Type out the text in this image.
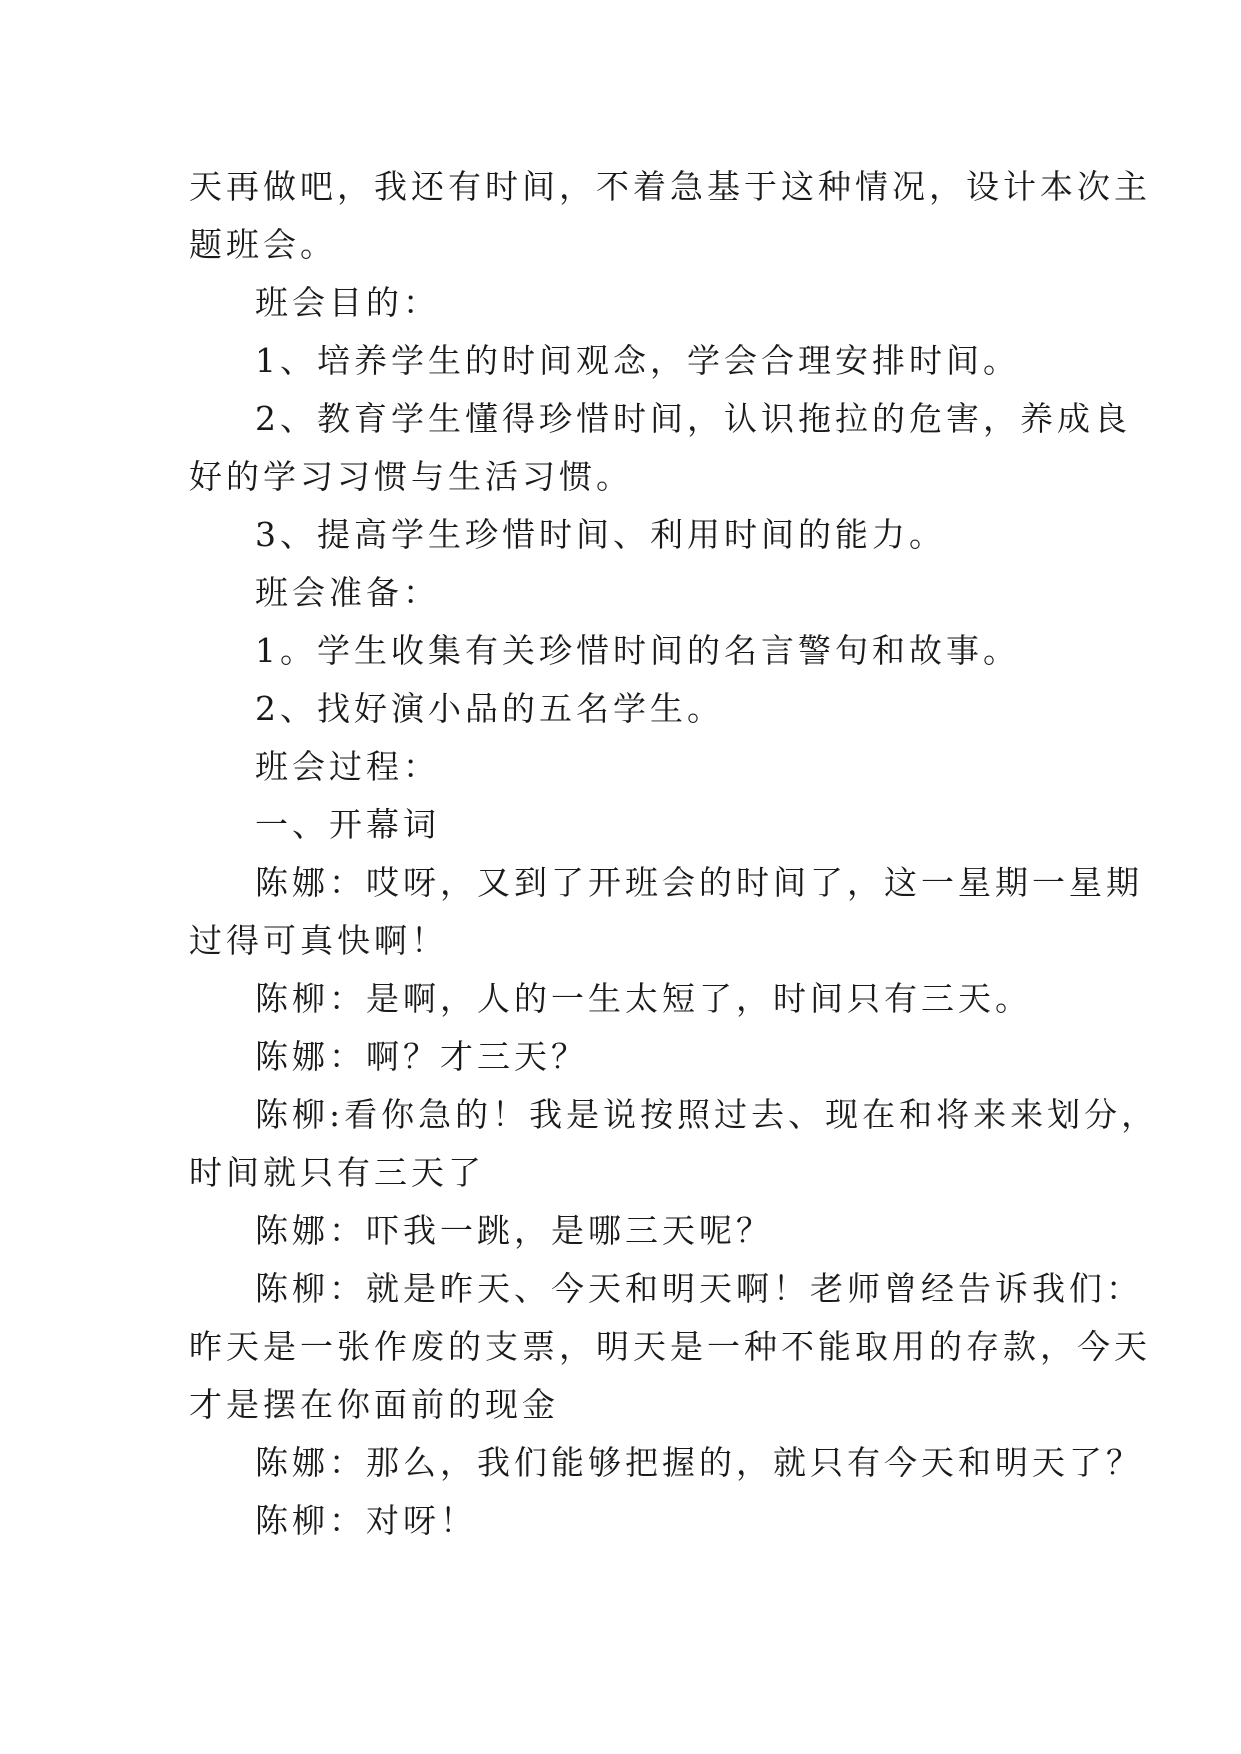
天再做吧，我还有时间，不着急基于这种情况，设计本次主

题班会。

班会目的：

1、培养学生的时间观念，学会合理安排时间。

2、教育学生懂得珍惜时间，认识拖拉的危害，养成良

好的学习习惯与生活习惯。

3、提高学生珍惜时间、利用时间的能力。

班会准备：

1。学生收集有关珍惜时间的名言警句和故事。

2、找好演小品的五名学生。

班会过程：

一、开幕词

陈娜：哎呀，又到了开班会的时间了，这一星期一星期

过得可真快啊！

陈柳：是啊，人的一生太短了，时间只有三天。

陈娜：啊？才三天？

陈柳:看你急的！我是说按照过去、现在和将来来划分，

时间就只有三天了

陈娜：吓我一跳，是哪三天呢？

陈柳：就是昨天、今天和明天啊！老师曾经告诉我们：

昨天是一张作废的支票，明天是一种不能取用的存款，今天

才是摆在你面前的现金

陈娜：那么，我们能够把握的，就只有今天和明天了？

陈柳：对呀！
